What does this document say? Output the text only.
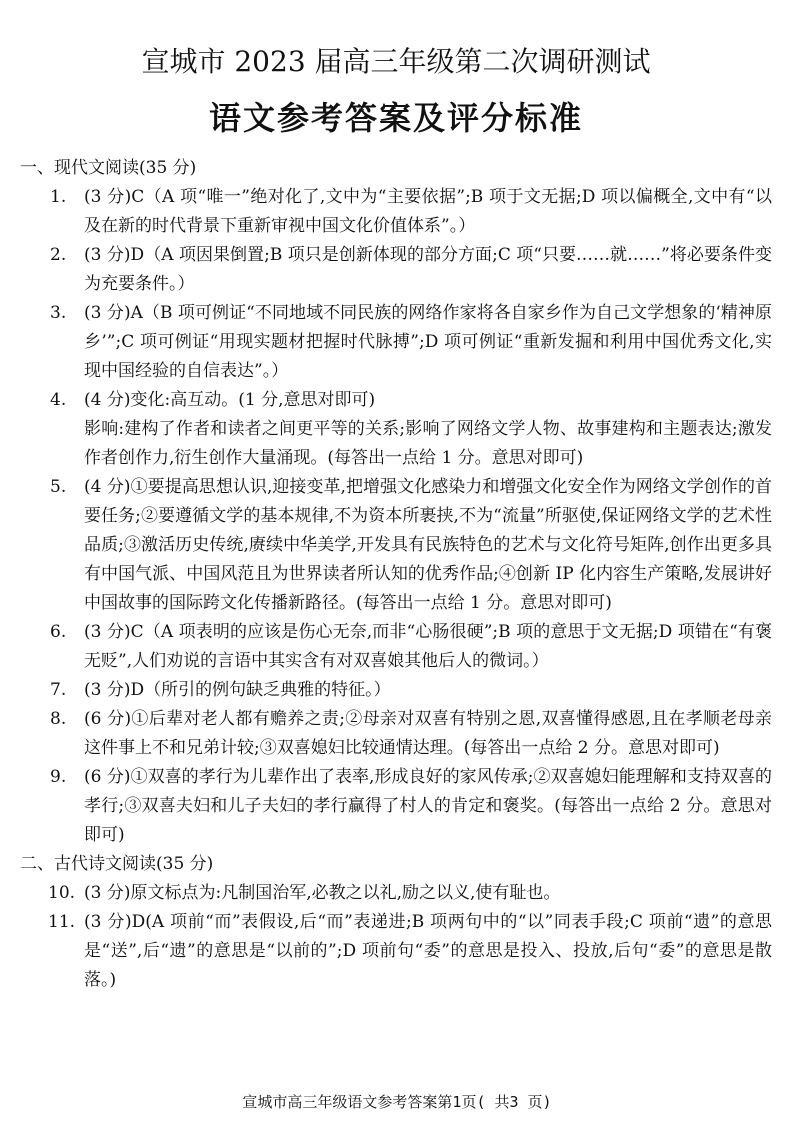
宣城市 2023 届高三年级第二次调研测试
语文参考答案及评分标准

一、现代文阅读(35 分)

1. (3 分)C（A 项“唯一”绝对化了,文中为“主要依据”;B 项于文无据;D 项以偏概全,文中有“以及在新的时代背景下重新审视中国文化价值体系”。）
2. (3 分)D（A 项因果倒置;B 项只是创新体现的部分方面;C 项“只要……就……”将必要条件变为充要条件。）
3. (3 分)A（B 项可例证“不同地域不同民族的网络作家将各自家乡作为自己文学想象的‘精神原乡’”;C 项可例证“用现实题材把握时代脉搏”;D 项可例证“重新发掘和利用中国优秀文化,实现中国经验的自信表达”。）
4. (4 分)变化:高互动。(1 分,意思对即可)
影响:建构了作者和读者之间更平等的关系;影响了网络文学人物、故事建构和主题表达;激发作者创作力,衍生创作大量涌现。(每答出一点给 1 分。意思对即可)
5. (4 分)①要提高思想认识,迎接变革,把增强文化感染力和增强文化安全作为网络文学创作的首要任务;②要遵循文学的基本规律,不为资本所裹挟,不为“流量”所驱使,保证网络文学的艺术性品质;③激活历史传统,赓续中华美学,开发具有民族特色的艺术与文化符号矩阵,创作出更多具有中国气派、中国风范且为世界读者所认知的优秀作品;④创新 IP 化内容生产策略,发展讲好中国故事的国际跨文化传播新路径。(每答出一点给 1 分。意思对即可)
6. (3 分)C（A 项表明的应该是伤心无奈,而非“心肠很硬”;B 项的意思于文无据;D 项错在“有褒无贬”,人们劝说的言语中其实含有对双喜娘其他后人的微词。）
7. (3 分)D（所引的例句缺乏典雅的特征。）
8. (6 分)①后辈对老人都有赡养之责;②母亲对双喜有特别之恩,双喜懂得感恩,且在孝顺老母亲这件事上不和兄弟计较;③双喜媳妇比较通情达理。(每答出一点给 2 分。意思对即可)
9. (6 分)①双喜的孝行为儿辈作出了表率,形成良好的家风传承;②双喜媳妇能理解和支持双喜的孝行;③双喜夫妇和儿子夫妇的孝行赢得了村人的肯定和褒奖。(每答出一点给 2 分。意思对即可)

二、古代诗文阅读(35 分)

10. (3 分)原文标点为:凡制国治军,必教之以礼,励之以义,使有耻也。
11. (3 分)D(A 项前“而”表假设,后“而”表递进;B 项两句中的“以”同表手段;C 项前“遗”的意思是“送”,后“遗”的意思是“以前的”;D 项前句“委”的意思是投入、投放,后句“委”的意思是散落。)
宣城市高三年级语文参考答案第1页( 共3 页)
